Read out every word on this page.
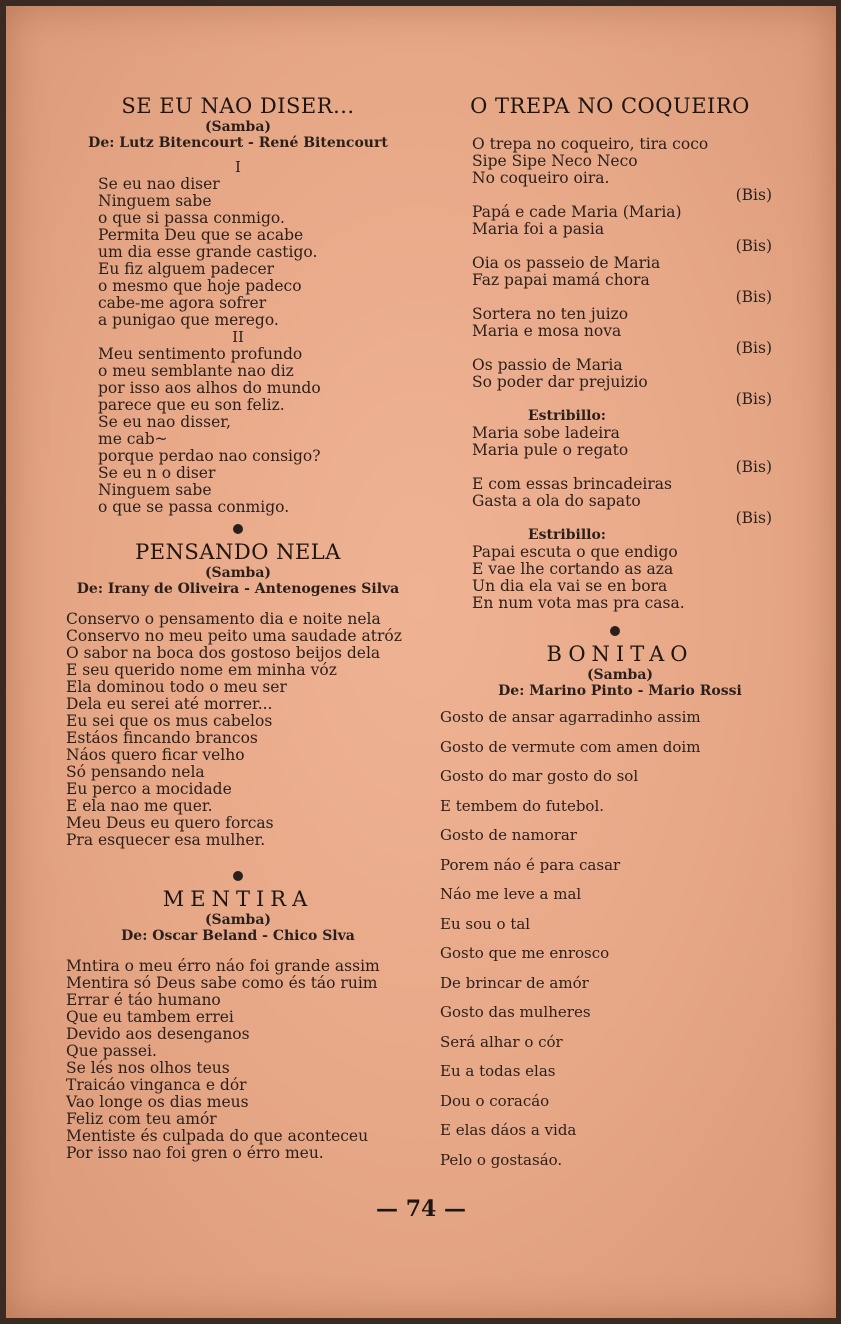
SE EU NAO DISER...
(Samba)
De: Lutz Bitencourt - René Bitencourt
I
Se eu nao diser
Ninguem sabe
o que si passa conmigo.
Permita Deu que se acabe
um dia esse grande castigo.
Eu fiz alguem padecer
o mesmo que hoje padeco
cabe-me agora sofrer
a punigao que merego.
II
Meu sentimento profundo
o meu semblante nao diz
por isso aos alhos do mundo
parece que eu son feliz.
Se eu nao disser,
me cab~
porque perdao nao consigo?
Se eu n o diser
Ninguem sabe
o que se passa conmigo.
PENSANDO NELA
(Samba)
De: Irany de Oliveira - Antenogenes Silva
Conservo o pensamento dia e noite nela
Conservo no meu peito uma saudade atróz
O sabor na boca dos gostoso beijos dela
E seu querido nome em minha vóz
Ela dominou todo o meu ser
Dela eu serei até morrer...
Eu sei que os mus cabelos
Estáos fincando brancos
Náos quero ficar velho
Só pensando nela
Eu perco a mocidade
E ela nao me quer.
Meu Deus eu quero forcas
Pra esquecer esa mulher.
MENTIRA
(Samba)
De: Oscar Beland - Chico Slva
Mntira o meu érro náo foi grande assim
Mentira só Deus sabe como és táo ruim
Errar é táo humano
Que eu tambem errei
Devido aos desenganos
Que passei.
Se lés nos olhos teus
Traicáo vinganca e dór
Vao longe os dias meus
Feliz com teu amór
Mentiste és culpada do que aconteceu
Por isso nao foi gren o érro meu.
O TREPA NO COQUEIRO
O trepa no coqueiro, tira coco
Sipe Sipe Neco Neco
No coqueiro oira.
(Bis)
Papá e cade Maria (Maria)
Maria foi a pasia
(Bis)
Oia os passeio de Maria
Faz papai mamá chora
(Bis)
Sortera no ten juizo
Maria e mosa nova
(Bis)
Os passio de Maria
So poder dar prejuizio
(Bis)
Estribillo:
Maria sobe ladeira
Maria pule o regato
(Bis)
E com essas brincadeiras
Gasta a ola do sapato
(Bis)
Estribillo:
Papai escuta o que endigo
E vae lhe cortando as aza
Un dia ela vai se en bora
En num vota mas pra casa.
BONITAO
(Samba)
De: Marino Pinto - Mario Rossi
Gosto de ansar agarradinho assim
Gosto de vermute com amen doim
Gosto do mar gosto do sol
E tembem do futebol.
Gosto de namorar
Porem náo é para casar
Náo me leve a mal
Eu sou o tal
Gosto que me enrosco
De brincar de amór
Gosto das mulheres
Será alhar o cór
Eu a todas elas
Dou o coracáo
E elas dáos a vida
Pelo o gostasáo.
— 74 —
